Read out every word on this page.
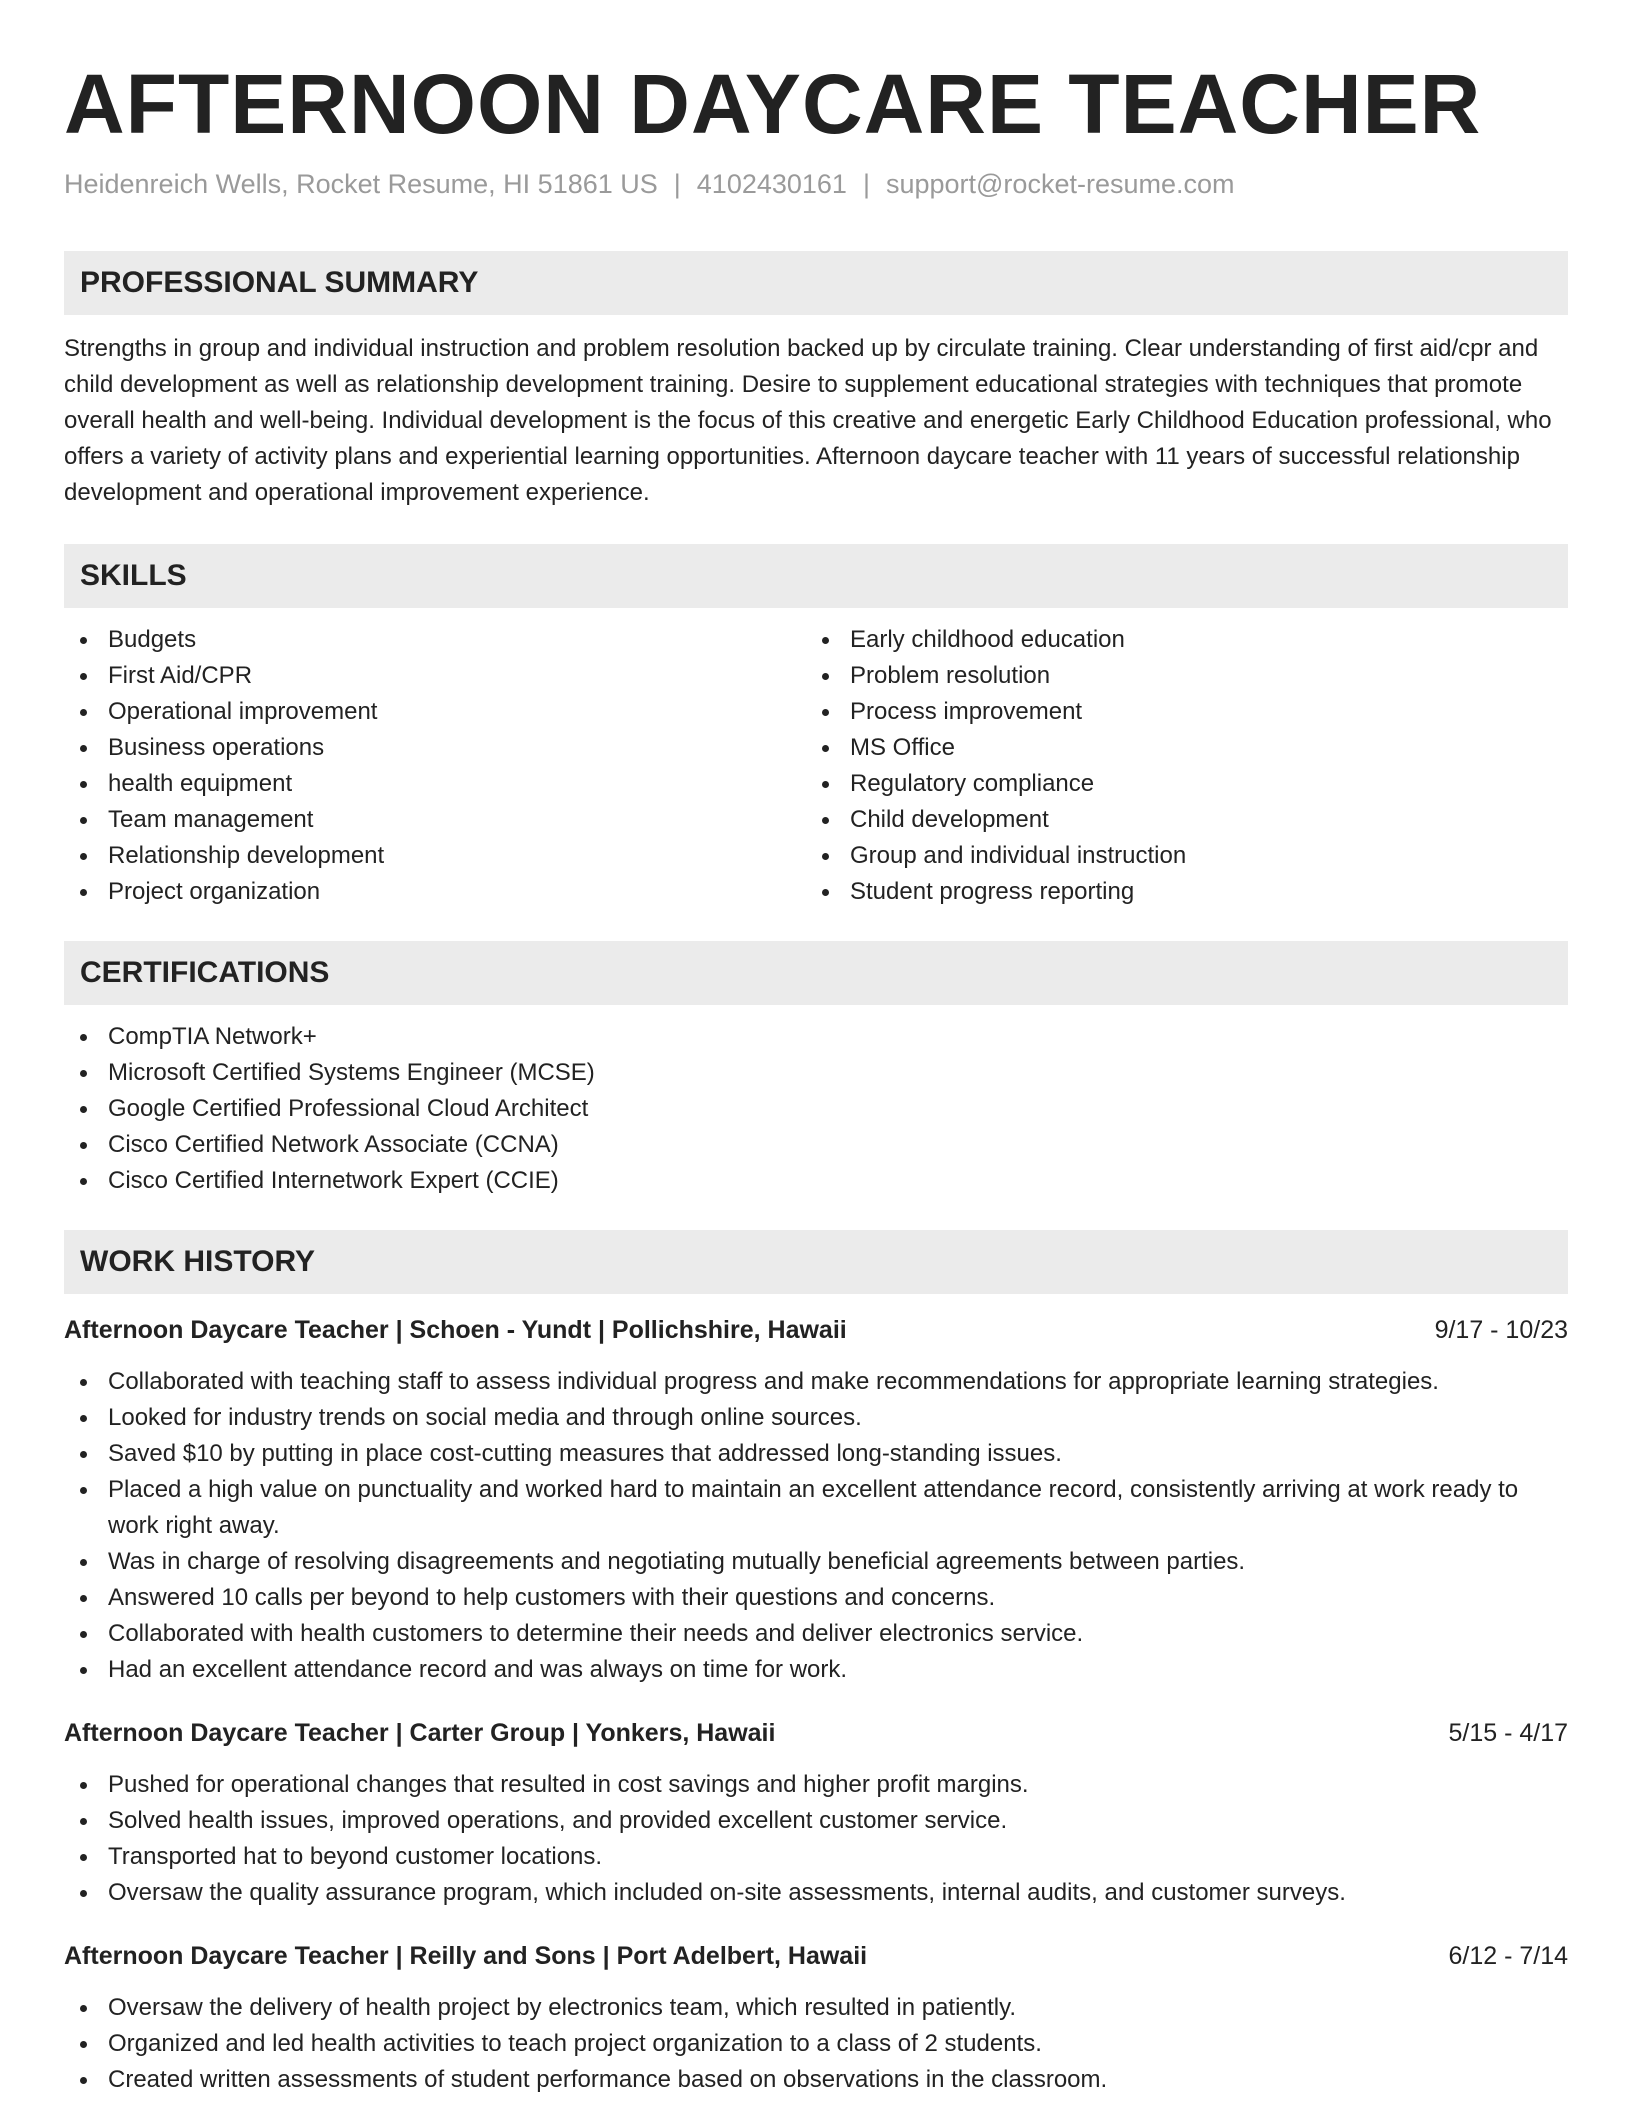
AFTERNOON DAYCARE TEACHER
Heidenreich Wells, Rocket Resume, HI 51861 US | 4102430161 | support@rocket-resume.com
PROFESSIONAL SUMMARY

Strengths in group and individual instruction and problem resolution backed up by circulate training. Clear understanding of first aid/cpr and child development as well as relationship development training. Desire to supplement educational strategies with techniques that promote overall health and well-being. Individual development is the focus of this creative and energetic Early Childhood Education professional, who offers a variety of activity plans and experiential learning opportunities. Afternoon daycare teacher with 11 years of successful relationship development and operational improvement experience.

SKILLS
Budgets
First Aid/CPR
Operational improvement
Business operations
health equipment
Team management
Relationship development
Project organization
Early childhood education
Problem resolution
Process improvement
MS Office
Regulatory compliance
Child development
Group and individual instruction
Student progress reporting
CERTIFICATIONS
CompTIA Network+
Microsoft Certified Systems Engineer (MCSE)
Google Certified Professional Cloud Architect
Cisco Certified Network Associate (CCNA)
Cisco Certified Internetwork Expert (CCIE)
WORK HISTORY
Afternoon Daycare Teacher | Schoen - Yundt | Pollichshire, Hawaii	9/17 - 10/23
Collaborated with teaching staff to assess individual progress and make recommendations for appropriate learning strategies.
Looked for industry trends on social media and through online sources.
Saved $10 by putting in place cost-cutting measures that addressed long-standing issues.
Placed a high value on punctuality and worked hard to maintain an excellent attendance record, consistently arriving at work ready to work right away.
Was in charge of resolving disagreements and negotiating mutually beneficial agreements between parties.
Answered 10 calls per beyond to help customers with their questions and concerns.
Collaborated with health customers to determine their needs and deliver electronics service.
Had an excellent attendance record and was always on time for work.
Afternoon Daycare Teacher | Carter Group | Yonkers, Hawaii	5/15 - 4/17
Pushed for operational changes that resulted in cost savings and higher profit margins.
Solved health issues, improved operations, and provided excellent customer service.
Transported hat to beyond customer locations.
Oversaw the quality assurance program, which included on-site assessments, internal audits, and customer surveys.
Afternoon Daycare Teacher | Reilly and Sons | Port Adelbert, Hawaii	6/12 - 7/14
Oversaw the delivery of health project by electronics team, which resulted in patiently.
Organized and led health activities to teach project organization to a class of 2 students.
Created written assessments of student performance based on observations in the classroom.
